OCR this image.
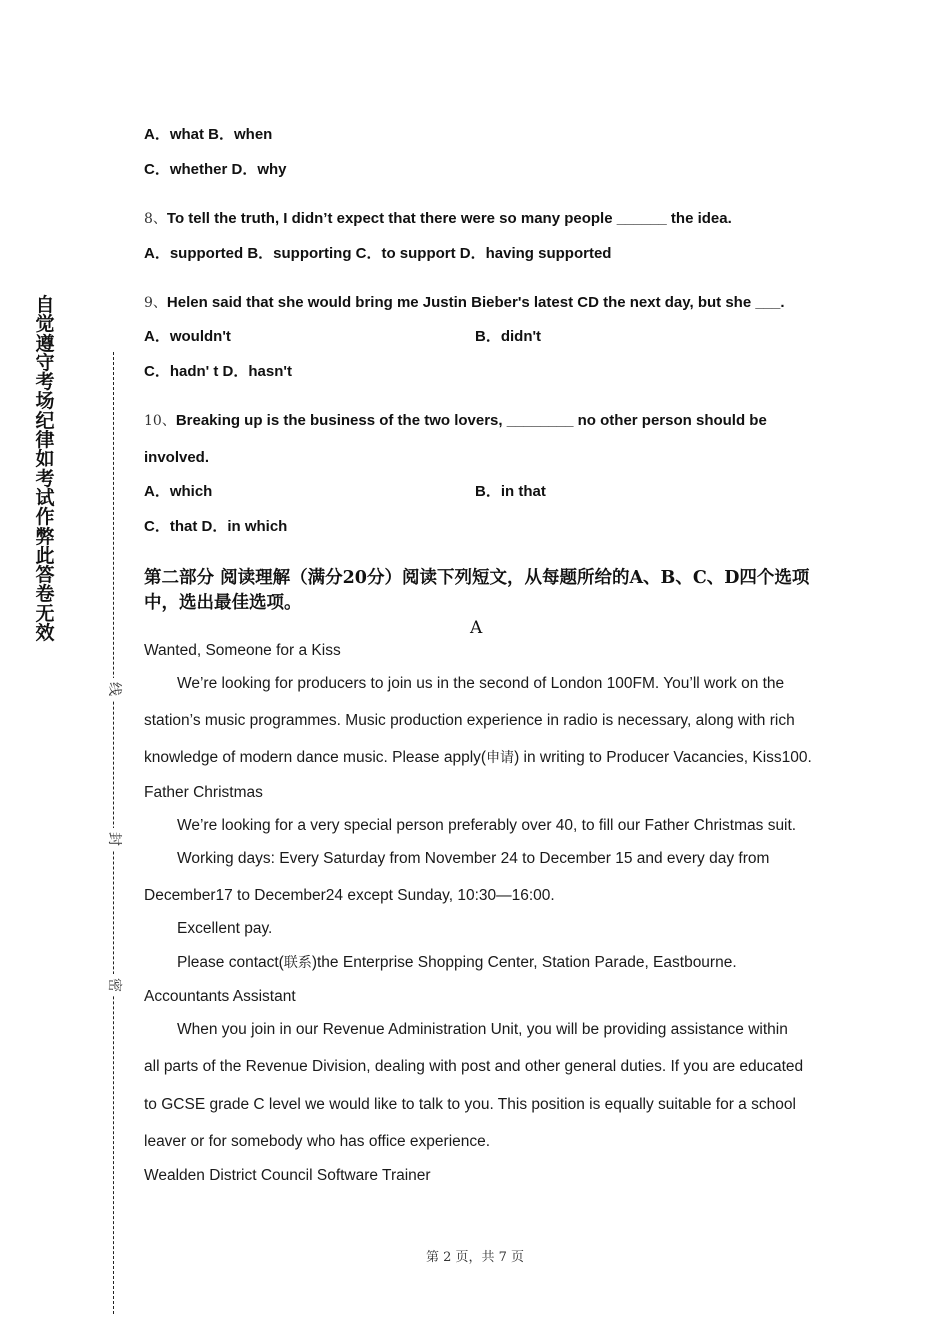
自觉遵守考场纪律如考试作弊此答卷无效
线
封
密
A．what B．when
C．whether D．why
8、To tell the truth, I didn’t expect that there were so many people ______ the idea.
A．supported B．supporting C．to support D．having supported
9、Helen said that she would bring me Justin Bieber's latest CD the next day, but she ___.
A．wouldn't	B．didn't
C．hadn' t D．hasn't
10、Breaking up is the business of the two lovers, ________ no other person should be
involved.
A．which	B．in that
C．that D．in which
第二部分 阅读理解（满分20分）阅读下列短文，从每题所给的A、B、C、D四个选项中，选出最佳选项。
A
Wanted, Someone for a Kiss
We’re looking for producers to join us in the second of London 100FM. You’ll work on the
station’s music programmes. Music production experience in radio is necessary, along with rich
knowledge of modern dance music. Please apply(申请) in writing to Producer Vacancies, Kiss100.
Father Christmas
We’re looking for a very special person preferably over 40, to fill our Father Christmas suit.
Working days: Every Saturday from November 24 to December 15 and every day from
December17 to December24 except Sunday, 10:30—16:00.
Excellent pay.
Please contact(联系)the Enterprise Shopping Center, Station Parade, Eastbourne.
Accountants Assistant
When you join in our Revenue Administration Unit, you will be providing assistance within
all parts of the Revenue Division, dealing with post and other general duties. If you are educated
to GCSE grade C level we would like to talk to you. This position is equally suitable for a school
leaver or for somebody who has office experience.
Wealden District Council Software Trainer
第 2 页，共 7 页
